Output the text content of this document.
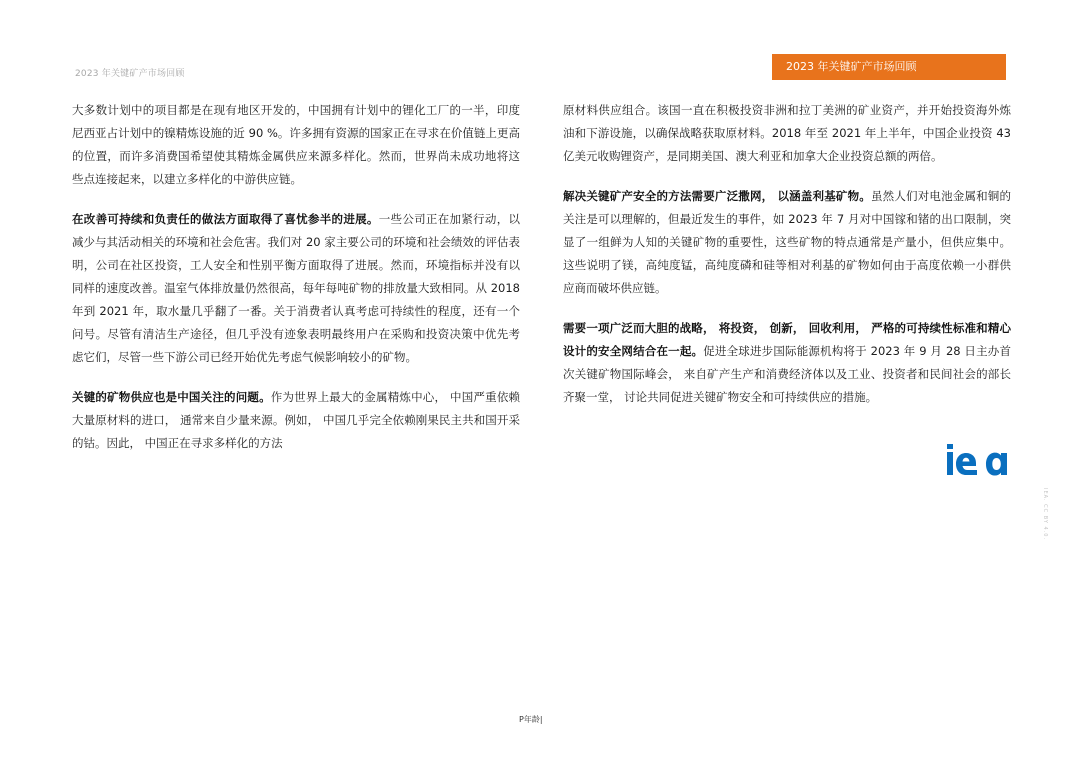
2023 年关键矿产市场回顾
2023 年关键矿产市场回顾

大多数计划中的项目都是在现有地区开发的，中国拥有计划中的锂化工厂的一半，印度尼西亚占计划中的镍精炼设施的近 90 %。许多拥有资源的国家正在寻求在价值链上更高的位置，而许多消费国希望使其精炼金属供应来源多样化。然而，世界尚未成功地将这些点连接起来，以建立多样化的中游供应链。

在改善可持续和负责任的做法方面取得了喜忧参半的进展。一些公司正在加紧行动，以减少与其活动相关的环境和社会危害。我们对 20 家主要公司的环境和社会绩效的评估表明，公司在社区投资，工人安全和性别平衡方面取得了进展。然而，环境指标并没有以同样的速度改善。温室气体排放量仍然很高，每年每吨矿物的排放量大致相同。从 2018 年到 2021 年，取水量几乎翻了一番。关于消费者认真考虑可持续性的程度，还有一个问号。尽管有清洁生产途径，但几乎没有迹象表明最终用户在采购和投资决策中优先考虑它们，尽管一些下游公司已经开始优先考虑气候影响较小的矿物。

关键的矿物供应也是中国关注的问题。作为世界上最大的金属精炼中心， 中国严重依赖大量原材料的进口， 通常来自少量来源。例如， 中国几乎完全依赖刚果民主共和国开采的钴。因此， 中国正在寻求多样化的方法

原材料供应组合。该国一直在积极投资非洲和拉丁美洲的矿业资产，并开始投资海外炼油和下游设施，以确保战略获取原材料。2018 年至 2021 年上半年，中国企业投资 43 亿美元收购锂资产，是同期美国、澳大利亚和加拿大企业投资总额的两倍。

解决关键矿产安全的方法需要广泛撒网， 以涵盖利基矿物。虽然人们对电池金属和铜的关注是可以理解的，但最近发生的事件，如 2023 年 7 月对中国镓和锗的出口限制，突显了一组鲜为人知的关键矿物的重要性，这些矿物的特点通常是产量小，但供应集中。这些说明了镁，高纯度锰，高纯度磷和硅等相对利基的矿物如何由于高度依赖一小群供应商而破坏供应链。

需要一项广泛而大胆的战略， 将投资， 创新， 回收利用， 严格的可持续性标准和精心设计的安全网结合在一起。促进全球进步国际能源机构将于 2023 年 9 月 28 日主办首次关键矿物国际峰会， 来自矿产生产和消费经济体以及工业、投资者和民间社会的部长齐聚一堂， 讨论共同促进关键矿物安全和可持续供应的措施。

IEA. CC BY 4.0.
P年龄|
